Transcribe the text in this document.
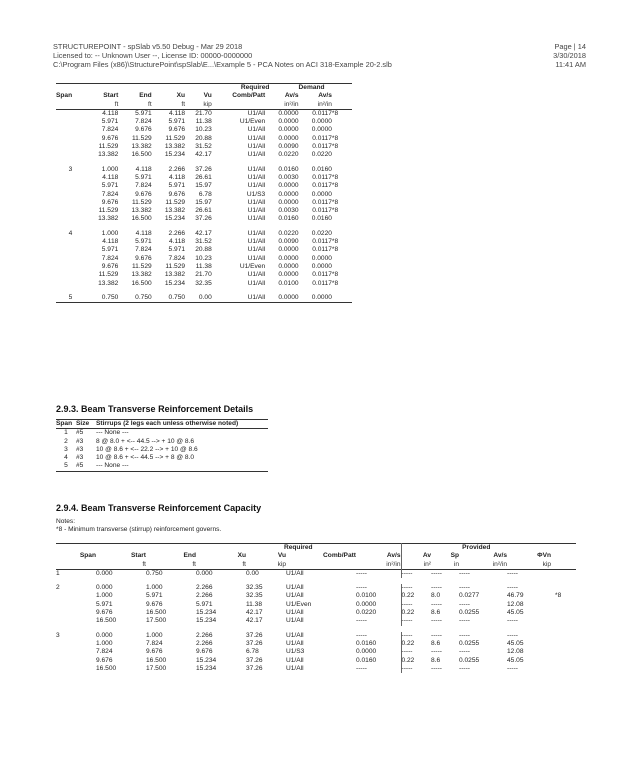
STRUCTUREPOINT - spSlab v5.50 Debug - Mar 29 2018
Licensed to: -- Unknown User --, License ID: 00000-0000000
C:\Program Files (x86)\StructurePoint\spSlab\E...\Example 5 - PCA Notes on ACI 318-Example 20-2.slb
Page | 14
3/30/2018
11:41 AM
					Required		Demand	
Span	Start	End	Xu	Vu	Comb/Patt	Av/s	Av/s	
	ft	ft	ft	kip		in²/in	in²/in	
	4.118	5.971	4.118	21.70	U1/All	0.0000	0.0117	*8
	5.971	7.824	5.971	11.38	U1/Even	0.0000	0.0000	
	7.824	9.676	9.676	10.23	U1/All	0.0000	0.0000	
	9.676	11.529	11.529	20.88	U1/All	0.0000	0.0117	*8
	11.529	13.382	13.382	31.52	U1/All	0.0090	0.0117	*8
	13.382	16.500	15.234	42.17	U1/All	0.0220	0.0220	

3	1.000	4.118	2.266	37.26	U1/All	0.0160	0.0160	
	4.118	5.971	4.118	26.61	U1/All	0.0030	0.0117	*8
	5.971	7.824	5.971	15.97	U1/All	0.0000	0.0117	*8
	7.824	9.676	9.676	6.78	U1/S3	0.0000	0.0000	
	9.676	11.529	11.529	15.97	U1/All	0.0000	0.0117	*8
	11.529	13.382	13.382	26.61	U1/All	0.0030	0.0117	*8
	13.382	16.500	15.234	37.26	U1/All	0.0160	0.0160	

4	1.000	4.118	2.266	42.17	U1/All	0.0220	0.0220	
	4.118	5.971	4.118	31.52	U1/All	0.0090	0.0117	*8
	5.971	7.824	5.971	20.88	U1/All	0.0000	0.0117	*8
	7.824	9.676	7.824	10.23	U1/All	0.0000	0.0000	
	9.676	11.529	11.529	11.38	U1/Even	0.0000	0.0000	
	11.529	13.382	13.382	21.70	U1/All	0.0000	0.0117	*8
	13.382	16.500	15.234	32.35	U1/All	0.0100	0.0117	*8

5	0.750	0.750	0.750	0.00	U1/All	0.0000	0.0000	
2.9.3. Beam Transverse Reinforcement Details
Span	Size	Stirrups (2 legs each unless otherwise noted)
1	#5	--- None ---
2	#3	8 @ 8.0 + <-- 44.5 --> + 10 @ 8.6
3	#3	10 @ 8.6 + <-- 22.2 --> + 10 @ 8.6
4	#3	10 @ 8.6 + <-- 44.5 --> + 8 @ 8.0
5	#5	--- None ---
2.9.4. Beam Transverse Reinforcement Capacity
Notes:
*8 - Minimum transverse (stirrup) reinforcement governs.
			Required				Provided				
Span	Start	End	Xu	Vu	Comb/Patt	Av/s	Av	Sp	Av/s	ΦVn	
	ft	ft	ft	kip		in²/in	in²	in	in²/in	kip	
1	0.000	0.750	0.000	0.00	U1/All	-----	-----	-----	-----	-----	

2	0.000	1.000	2.266	32.35	U1/All	-----	-----	-----	-----	-----	
	1.000	5.971	2.266	32.35	U1/All	0.0100	0.22	8.0	0.0277	46.79	*8
	5.971	9.676	5.971	11.38	U1/Even	0.0000	-----	-----	-----	12.08	
	9.676	16.500	15.234	42.17	U1/All	0.0220	0.22	8.6	0.0255	45.05	
	16.500	17.500	15.234	42.17	U1/All	-----	-----	-----	-----	-----	

3	0.000	1.000	2.266	37.26	U1/All	-----	-----	-----	-----	-----	
	1.000	7.824	2.266	37.26	U1/All	0.0160	0.22	8.6	0.0255	45.05	
	7.824	9.676	9.676	6.78	U1/S3	0.0000	-----	-----	-----	12.08	
	9.676	16.500	15.234	37.26	U1/All	0.0160	0.22	8.6	0.0255	45.05	
	16.500	17.500	15.234	37.26	U1/All	-----	-----	-----	-----	-----	
